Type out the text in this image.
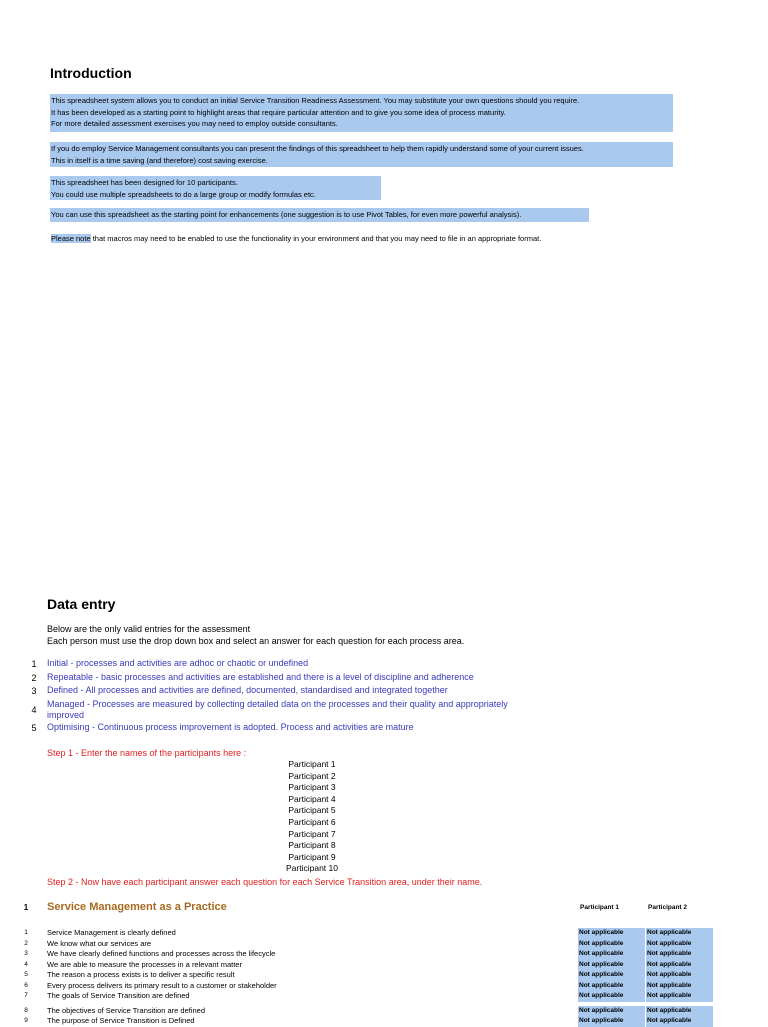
Introduction
This spreadsheet system allows you to conduct an initial Service Transition Readiness Assessment. You may substitute your own questions should you require.
It has been developed as a starting point to highlight areas that require particular attention and to give you some idea of process maturity.
For more detailed assessment exercises you may need to employ outside consultants.
If you do employ Service Management consultants you can present the findings of this spreadsheet to help them rapidly understand some of your current issues.
This in itself is a time saving (and therefore) cost saving exercise.
This spreadsheet has been designed for 10 participants.
You could use multiple spreadsheets to do a large group or modify formulas etc.
You can use this spreadsheet as the starting point for enhancements (one suggestion is to use Pivot Tables, for even more powerful analysis).
Please note that macros may need to be enabled to use the functionality in your environment and that you may need to file in an appropriate format.
Data entry
Below are the only valid entries for the assessment
Each person must use the drop down box and select an answer for each question for each process area.
1 Initial - processes and activities are adhoc or chaotic or undefined
2 Repeatable - basic processes and activities are established and there is a level of discipline and adherence
3 Defined - All processes and activities are defined, documented, standardised and integrated together
4
Managed - Processes are measured by collecting detailed data on the processes and their quality and appropriately
improved
5 Optimising - Continuous process improvement is adopted. Process and activities are mature
Step 1 - Enter the names of the participants here :
Participant 1
Participant 2
Participant 3
Participant 4
Participant 5
Participant 6
Participant 7
Participant 8
Participant 9
Participant 10
Step 2 - Now have each participant answer each question for each Service Transition area, under their name.
1 Service Management as a Practice	Participant 1	Participant 2
1	Service Management is clearly defined	Not applicable	Not applicable
2	We know what our services are	Not applicable	Not applicable
3	We have clearly defined functions and processes across the lifecycle	Not applicable	Not applicable
4	We are able to measure the processes in a relevant matter	Not applicable	Not applicable
5	The reason a process exists is to deliver a specific result	Not applicable	Not applicable
6	Every process delivers its primary result to a customer or stakeholder	Not applicable	Not applicable
7	The goals of Service Transition are defined	Not applicable	Not applicable
8	The objectives of Service Transition are defined	Not applicable	Not applicable
9	The purpose of Service Transition is Defined	Not applicable	Not applicable
